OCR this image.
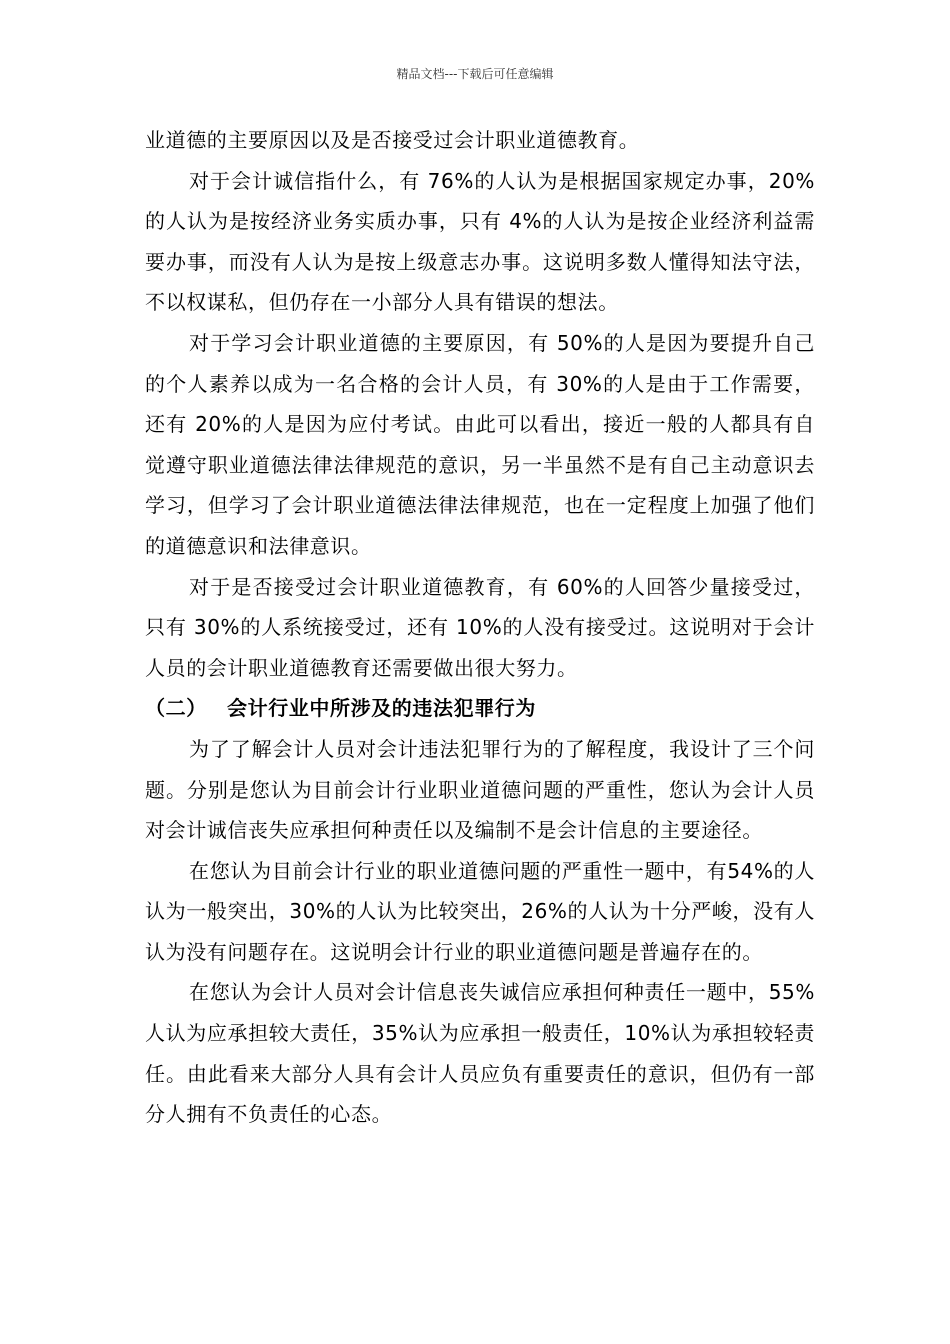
精品文档---下载后可任意编辑

业道德的主要原因以及是否接受过会计职业道德教育。

对于会计诚信指什么，有 76%的人认为是根据国家规定办事，20%的人认为是按经济业务实质办事，只有 4%的人认为是按企业经济利益需要办事，而没有人认为是按上级意志办事。这说明多数人懂得知法守法，不以权谋私，但仍存在一小部分人具有错误的想法。

对于学习会计职业道德的主要原因，有 50%的人是因为要提升自己的个人素养以成为一名合格的会计人员，有 30%的人是由于工作需要，还有 20%的人是因为应付考试。由此可以看出，接近一般的人都具有自觉遵守职业道德法律法律规范的意识，另一半虽然不是有自己主动意识去学习，但学习了会计职业道德法律法律规范，也在一定程度上加强了他们的道德意识和法律意识。

对于是否接受过会计职业道德教育，有 60%的人回答少量接受过，只有 30%的人系统接受过，还有 10%的人没有接受过。这说明对于会计人员的会计职业道德教育还需要做出很大努力。

（二） 会计行业中所涉及的违法犯罪行为

为了了解会计人员对会计违法犯罪行为的了解程度，我设计了三个问题。分别是您认为目前会计行业职业道德问题的严重性，您认为会计人员对会计诚信丧失应承担何种责任以及编制不是会计信息的主要途径。

在您认为目前会计行业的职业道德问题的严重性一题中，有54%的人认为一般突出，30%的人认为比较突出，26%的人认为十分严峻，没有人认为没有问题存在。这说明会计行业的职业道德问题是普遍存在的。

在您认为会计人员对会计信息丧失诚信应承担何种责任一题中，55%人认为应承担较大责任，35%认为应承担一般责任，10%认为承担较轻责任。由此看来大部分人具有会计人员应负有重要责任的意识，但仍有一部分人拥有不负责任的心态。
